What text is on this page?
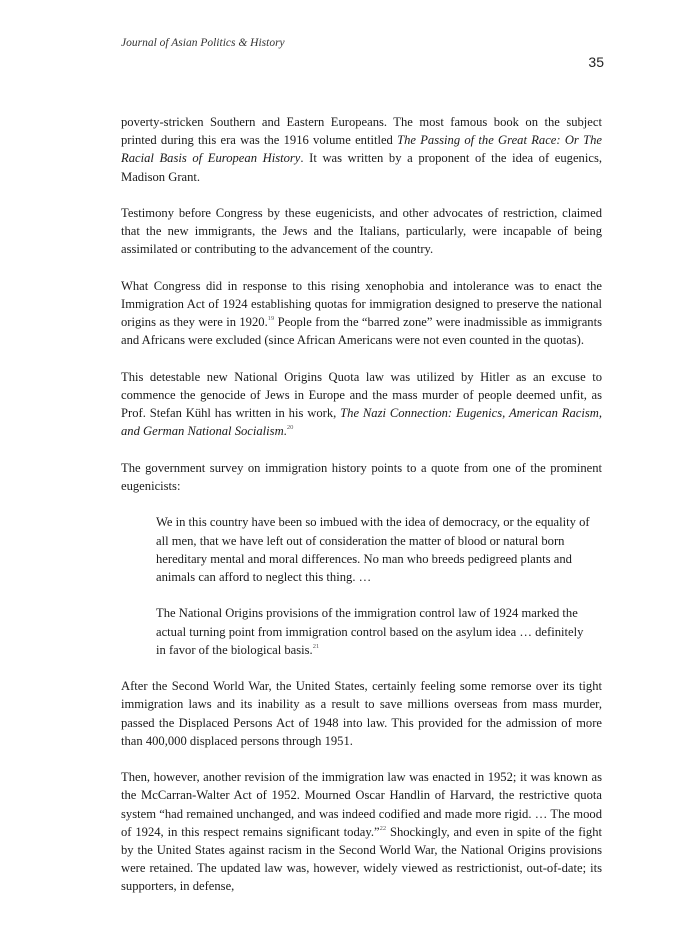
Journal of Asian Politics & History
35

poverty-stricken Southern and Eastern Europeans. The most famous book on the subject printed during this era was the 1916 volume entitled The Passing of the Great Race: Or The Racial Basis of European History. It was written by a proponent of the idea of eugenics, Madison Grant.

Testimony before Congress by these eugenicists, and other advocates of restriction, claimed that the new immigrants, the Jews and the Italians, particularly, were incapable of being assimilated or contributing to the advancement of the country.

What Congress did in response to this rising xenophobia and intolerance was to enact the Immigration Act of 1924 establishing quotas for immigration designed to preserve the national origins as they were in 1920.19 People from the “barred zone” were inadmissible as immigrants and Africans were excluded (since African Americans were not even counted in the quotas).

This detestable new National Origins Quota law was utilized by Hitler as an excuse to commence the genocide of Jews in Europe and the mass murder of people deemed unfit, as Prof. Stefan Kühl has written in his work, The Nazi Connection: Eugenics, American Racism, and German National Socialism.$^{20}$

The government survey on immigration history points to a quote from one of the prominent eugenicists:

We in this country have been so imbued with the idea of democracy, or the equality of all men, that we have left out of consideration the matter of blood or natural born hereditary mental and moral differences. No man who breeds pedigreed plants and animals can afford to neglect this thing. …

The National Origins provisions of the immigration control law of 1924 marked the actual turning point from immigration control based on the asylum idea … definitely in favor of the biological basis.$^{21}$

After the Second World War, the United States, certainly feeling some remorse over its tight immigration laws and its inability as a result to save millions overseas from mass murder, passed the Displaced Persons Act of 1948 into law. This provided for the admission of more than 400,000 displaced persons through 1951.

Then, however, another revision of the immigration law was enacted in 1952; it was known as the McCarran-Walter Act of 1952. Mourned Oscar Handlin of Harvard, the restrictive quota system “had remained unchanged, and was indeed codified and made more rigid. … The mood of 1924, in this respect remains significant today.”$^{22}$ Shockingly, and even in spite of the fight by the United States against racism in the Second World War, the National Origins provisions were retained. The updated law was, however, widely viewed as restrictionist, out-of-date; its supporters, in defense,
